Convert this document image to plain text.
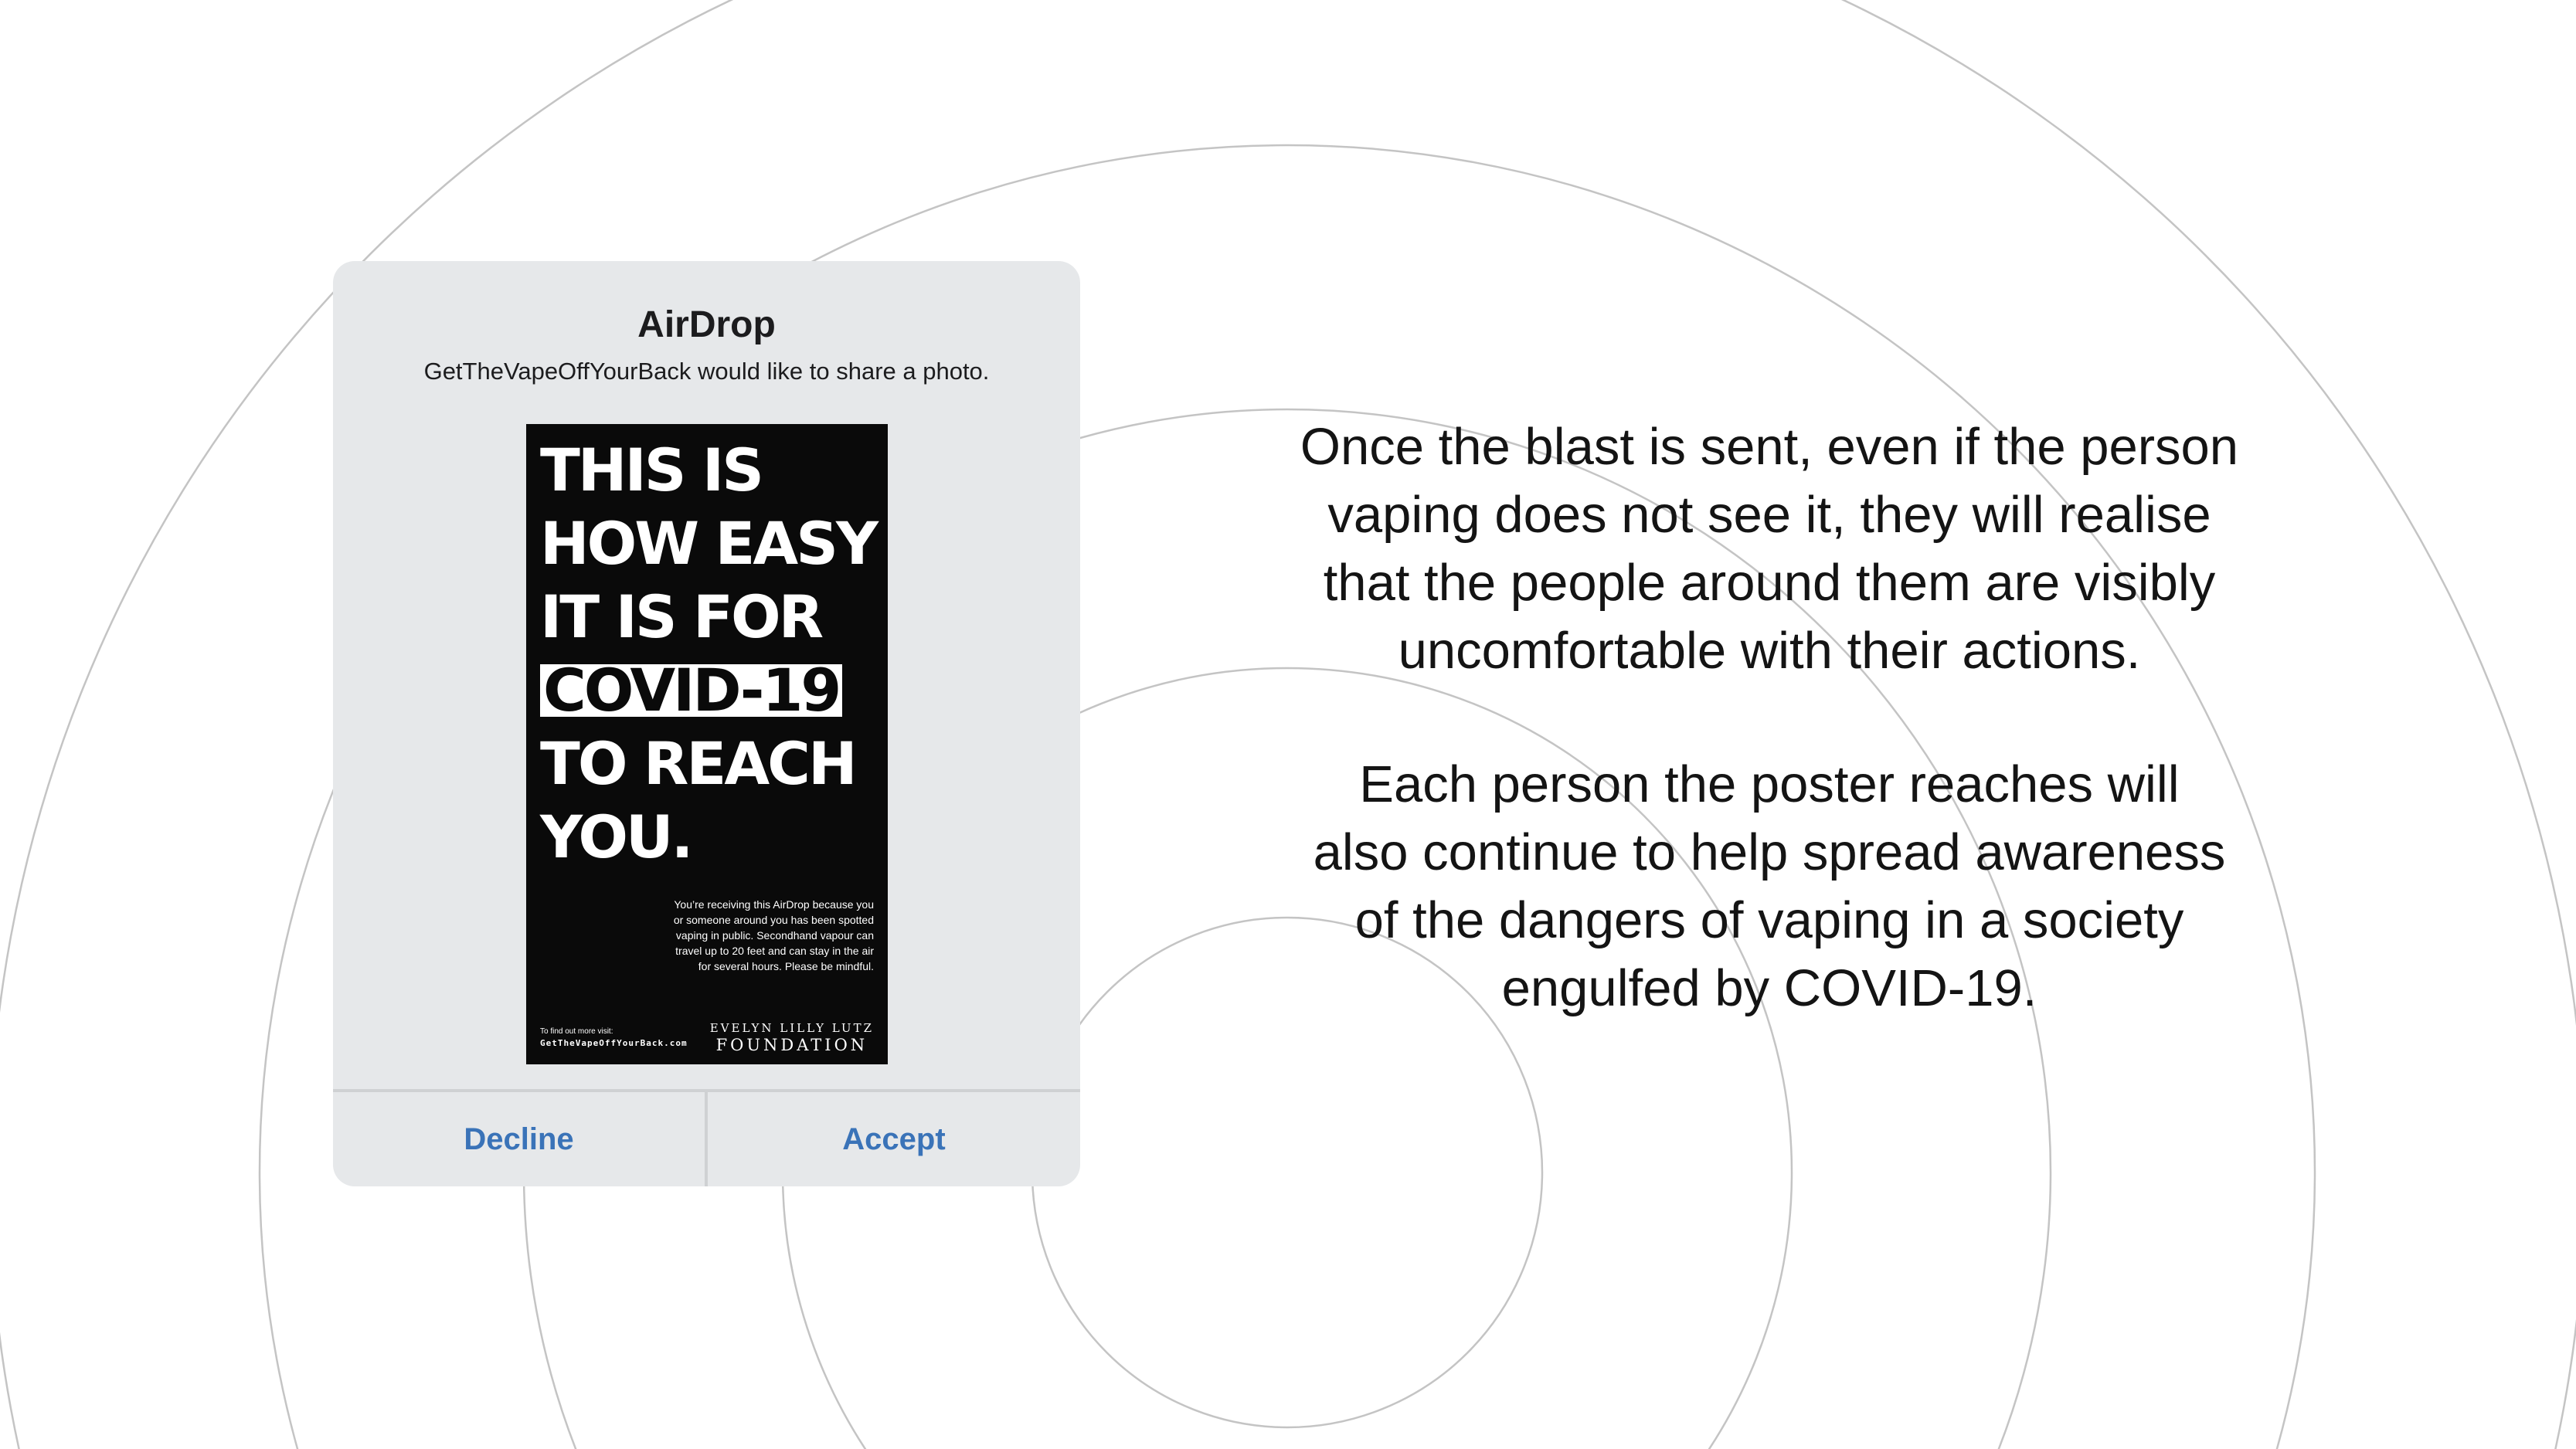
AirDrop
GetTheVapeOffYourBack would like to share a photo.
THIS IS
HOW EASY
IT IS FOR
COVID-19
TO REACH
YOU.
You’re receiving this AirDrop because you
or someone around you has been spotted
vaping in public. Secondhand vapour can
travel up to 20 feet and can stay in the air
for several hours. Please be mindful.
To find out more visit:
GetTheVapeOffYourBack.com
EVELYN LILLY LUTZ
FOUNDATION
Decline	Accept
Once the blast is sent, even if the person
vaping does not see it, they will realise
that the people around them are visibly
uncomfortable with their actions.
Each person the poster reaches will
also continue to help spread awareness
of the dangers of vaping in a society
engulfed by COVID-19.
